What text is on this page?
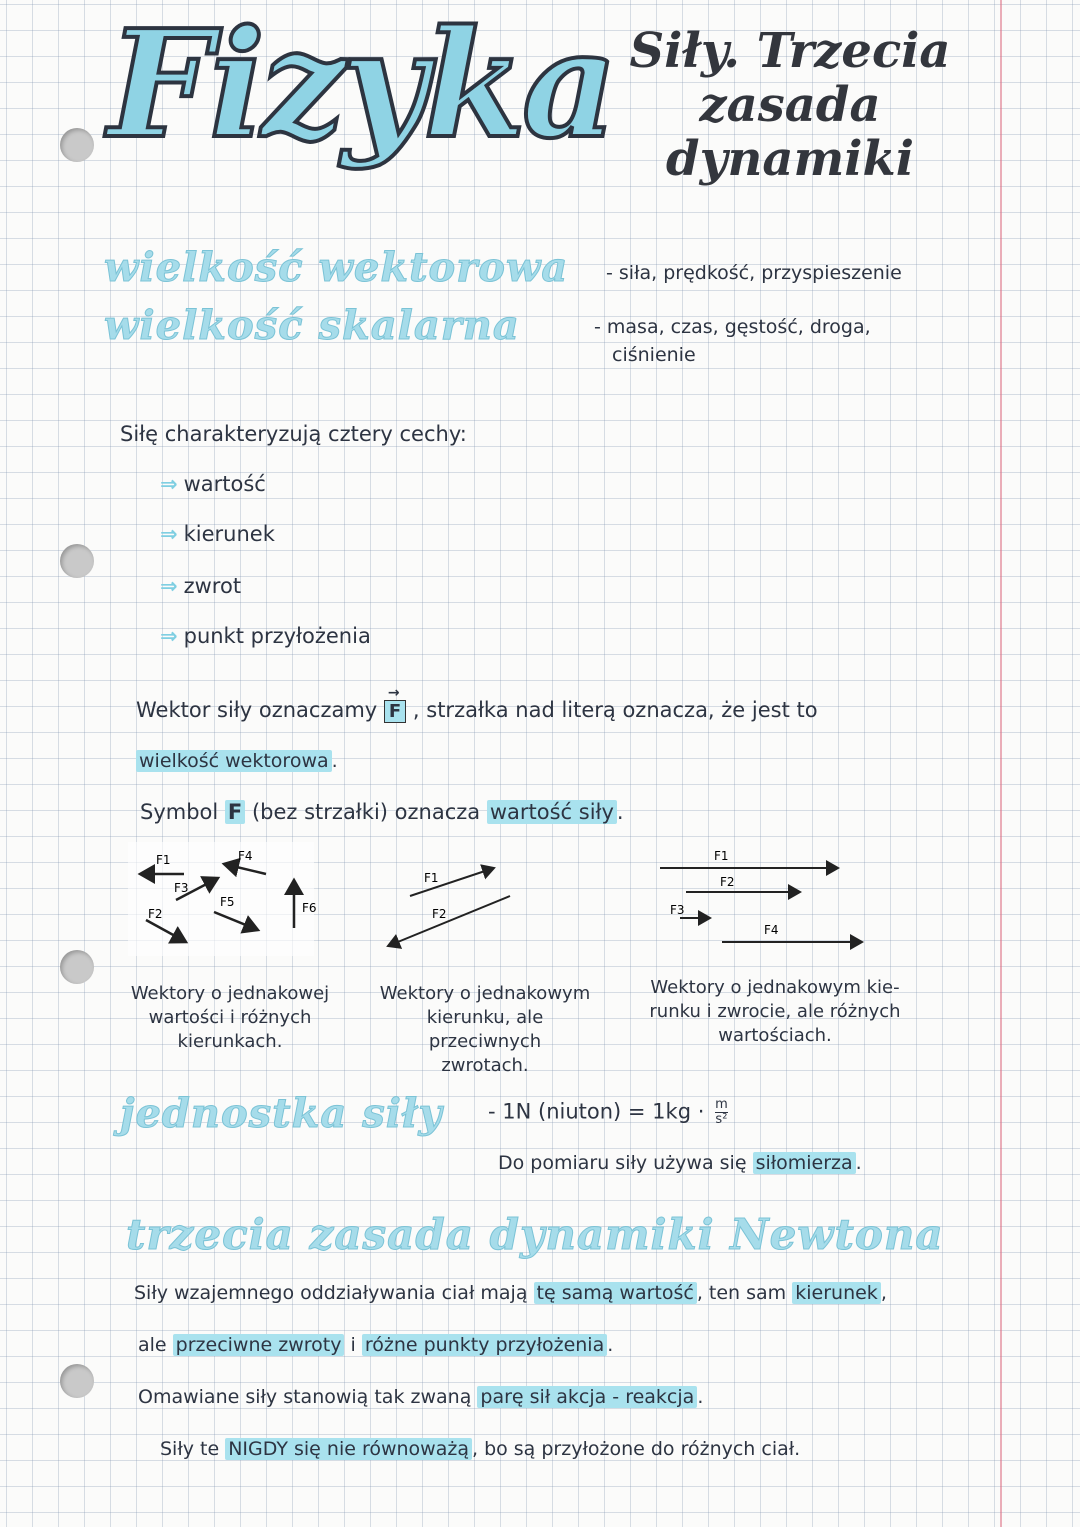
Fizyka Siły. Trzecia
zasada
dynamiki
wielkość wektorowa - siła, prędkość, przyspieszenie
wielkość skalarna	- masa, czas, gęstość, droga,
ciśnienie
Siłę charakteryzują cztery cechy:
⇒ wartość
⇒ kierunek
⇒ zwrot
⇒ punkt przyłożenia
Wektor siły oznaczamy
→
F , strzałka nad literą oznacza, że jest to
wielkość wektorowa .
Symbol F (bez strzałki) oznacza wartość siły .
F1	F4
F3
F2
F5	F6
Wektory o jednakowej
wartości i różnych
kierunkach.
F1
F2
Wektory o jednakowym
kierunku, ale przeciwnych
zwrotach.
F1
F2
F3
F4
Wektory o jednakowym kie-
runku i zwrocie, ale różnych
wartościach.
jednostka siły - 1N (niuton) = $1kg \cdot \frac{m}{\text{s²}}$
Do pomiaru siły używa się siłomierza .
trzecia zasada dynamiki Newtona
Siły wzajemnego oddziaływania ciał mają tę samą wartość , ten sam kierunek ,
ale przeciwne zwroty i różne punkty przyłożenia .
Omawiane siły stanowią tak zwaną parę sił akcja - reakcja .
Siły te NIGDY się nie równoważą , bo są przyłożone do różnych ciał.
